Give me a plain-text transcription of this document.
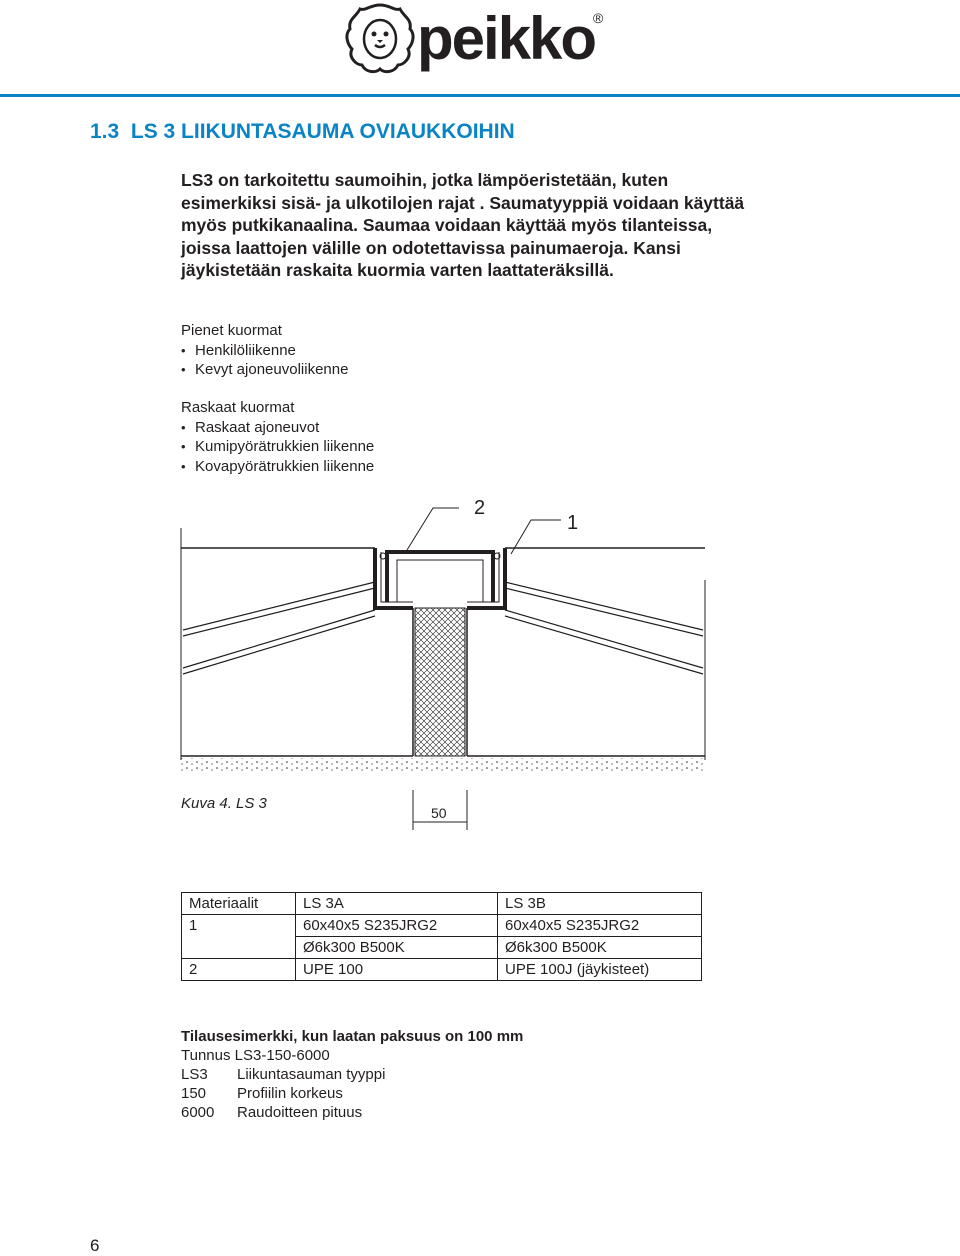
peikko
®
1.3 LS 3 LIIKUNTASAUMA OVIAUKKOIHIN
LS3 on tarkoitettu saumoihin, jotka lämpöeristetään, kuten
esimerkiksi sisä- ja ulkotilojen rajat . Saumatyyppiä voidaan käyttää
myös putkikanaalina. Saumaa voidaan käyttää myös tilanteissa,
joissa laattojen välille on odotettavissa painumaeroja. Kansi
jäykistetään raskaita kuormia varten laattateräksillä.
Pienet kuormat
• Henkilöliikenne
• Kevyt ajoneuvoliikenne
Raskaat kuormat
• Raskaat ajoneuvot
• Kumipyörätrukkien liikenne
• Kovapyörätrukkien liikenne
2
1
50
Kuva 4. LS 3
Materiaalit	LS 3A	LS 3B
1	60x40x5 S235JRG2	60x40x5 S235JRG2
	Ø6k300 B500K	Ø6k300 B500K
2	UPE 100	UPE 100J (jäykisteet)
Tilausesimerkki, kun laatan paksuus on 100 mm
Tunnus LS3-150-6000
LS3	Liikuntasauman tyyppi
150	Profiilin korkeus
6000	Raudoitteen pituus
6
